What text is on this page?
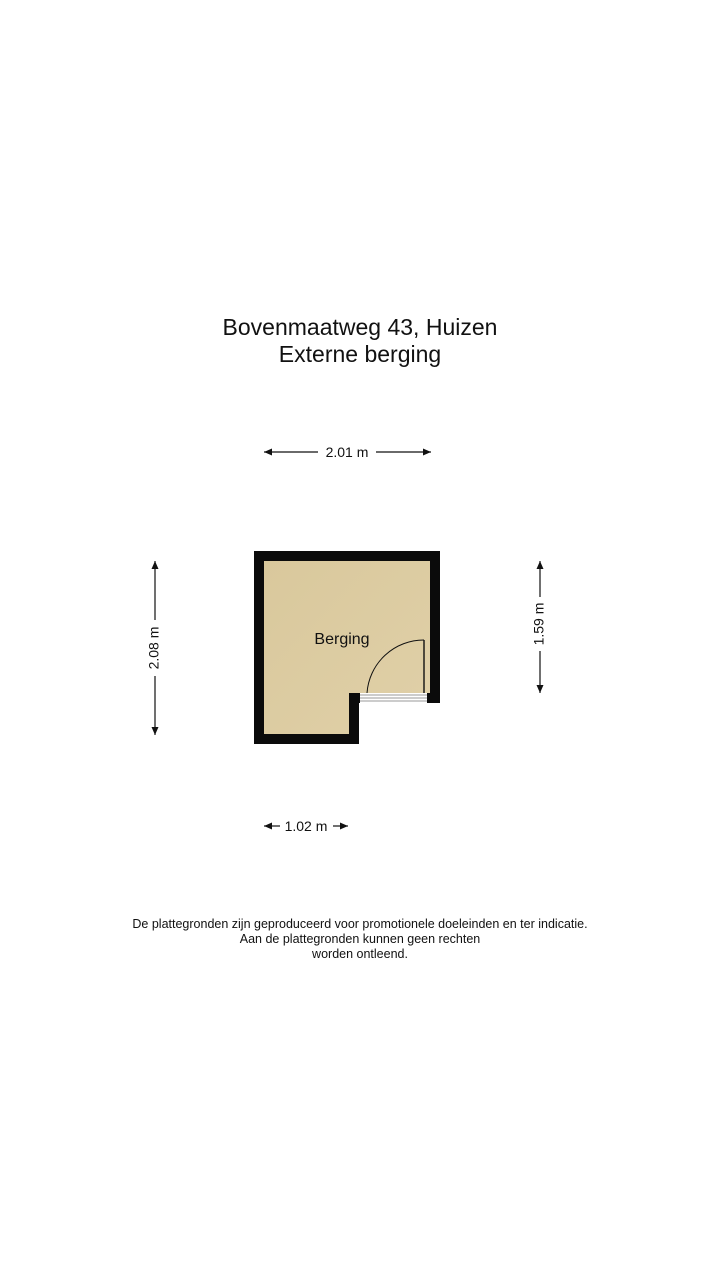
Bovenmaatweg 43, Huizen
Externe berging
2.01 m
2.08 m
1.59 m
1.02 m
Berging
De plattegronden zijn geproduceerd voor promotionele doeleinden en ter indicatie.
Aan de plattegronden kunnen geen rechten
worden ontleend.
